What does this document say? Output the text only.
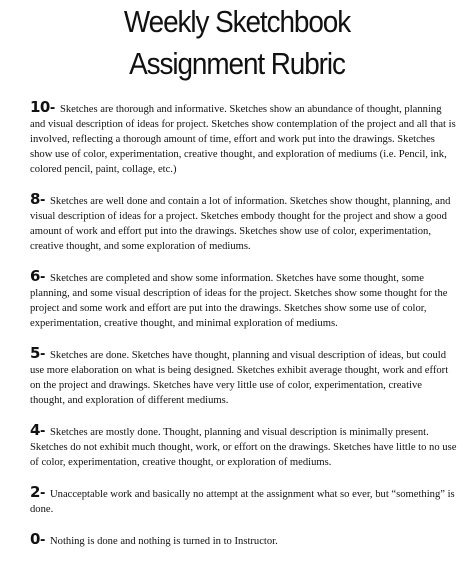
Weekly Sketchbook
Assignment Rubric

10- Sketches are thorough and informative. Sketches show an abundance of thought, planning and visual description of ideas for project. Sketches show contemplation of the project and all that is involved, reflecting a thorough amount of time, effort and work put into the drawings. Sketches show use of color, experimentation, creative thought, and exploration of mediums (i.e. Pencil, ink, colored pencil, paint, collage, etc.)

8- Sketches are well done and contain a lot of information. Sketches show thought, planning, and visual description of ideas for a project. Sketches embody thought for the project and show a good amount of work and effort put into the drawings. Sketches show use of color, experimentation, creative thought, and some exploration of mediums.

6- Sketches are completed and show some information. Sketches have some thought, some planning, and some visual description of ideas for the project. Sketches show some thought for the project and some work and effort are put into the drawings. Sketches show some use of color, experimentation, creative thought, and minimal exploration of mediums.

5- Sketches are done. Sketches have thought, planning and visual description of ideas, but could use more elaboration on what is being designed. Sketches exhibit average thought, work and effort on the project and drawings. Sketches have very little use of color, experimentation, creative thought, and exploration of different mediums.

4- Sketches are mostly done. Thought, planning and visual description is minimally present. Sketches do not exhibit much thought, work, or effort on the drawings. Sketches have little to no use of color, experimentation, creative thought, or exploration of mediums.

2- Unacceptable work and basically no attempt at the assignment what so ever, but “something” is done.

0- Nothing is done and nothing is turned in to Instructor.
